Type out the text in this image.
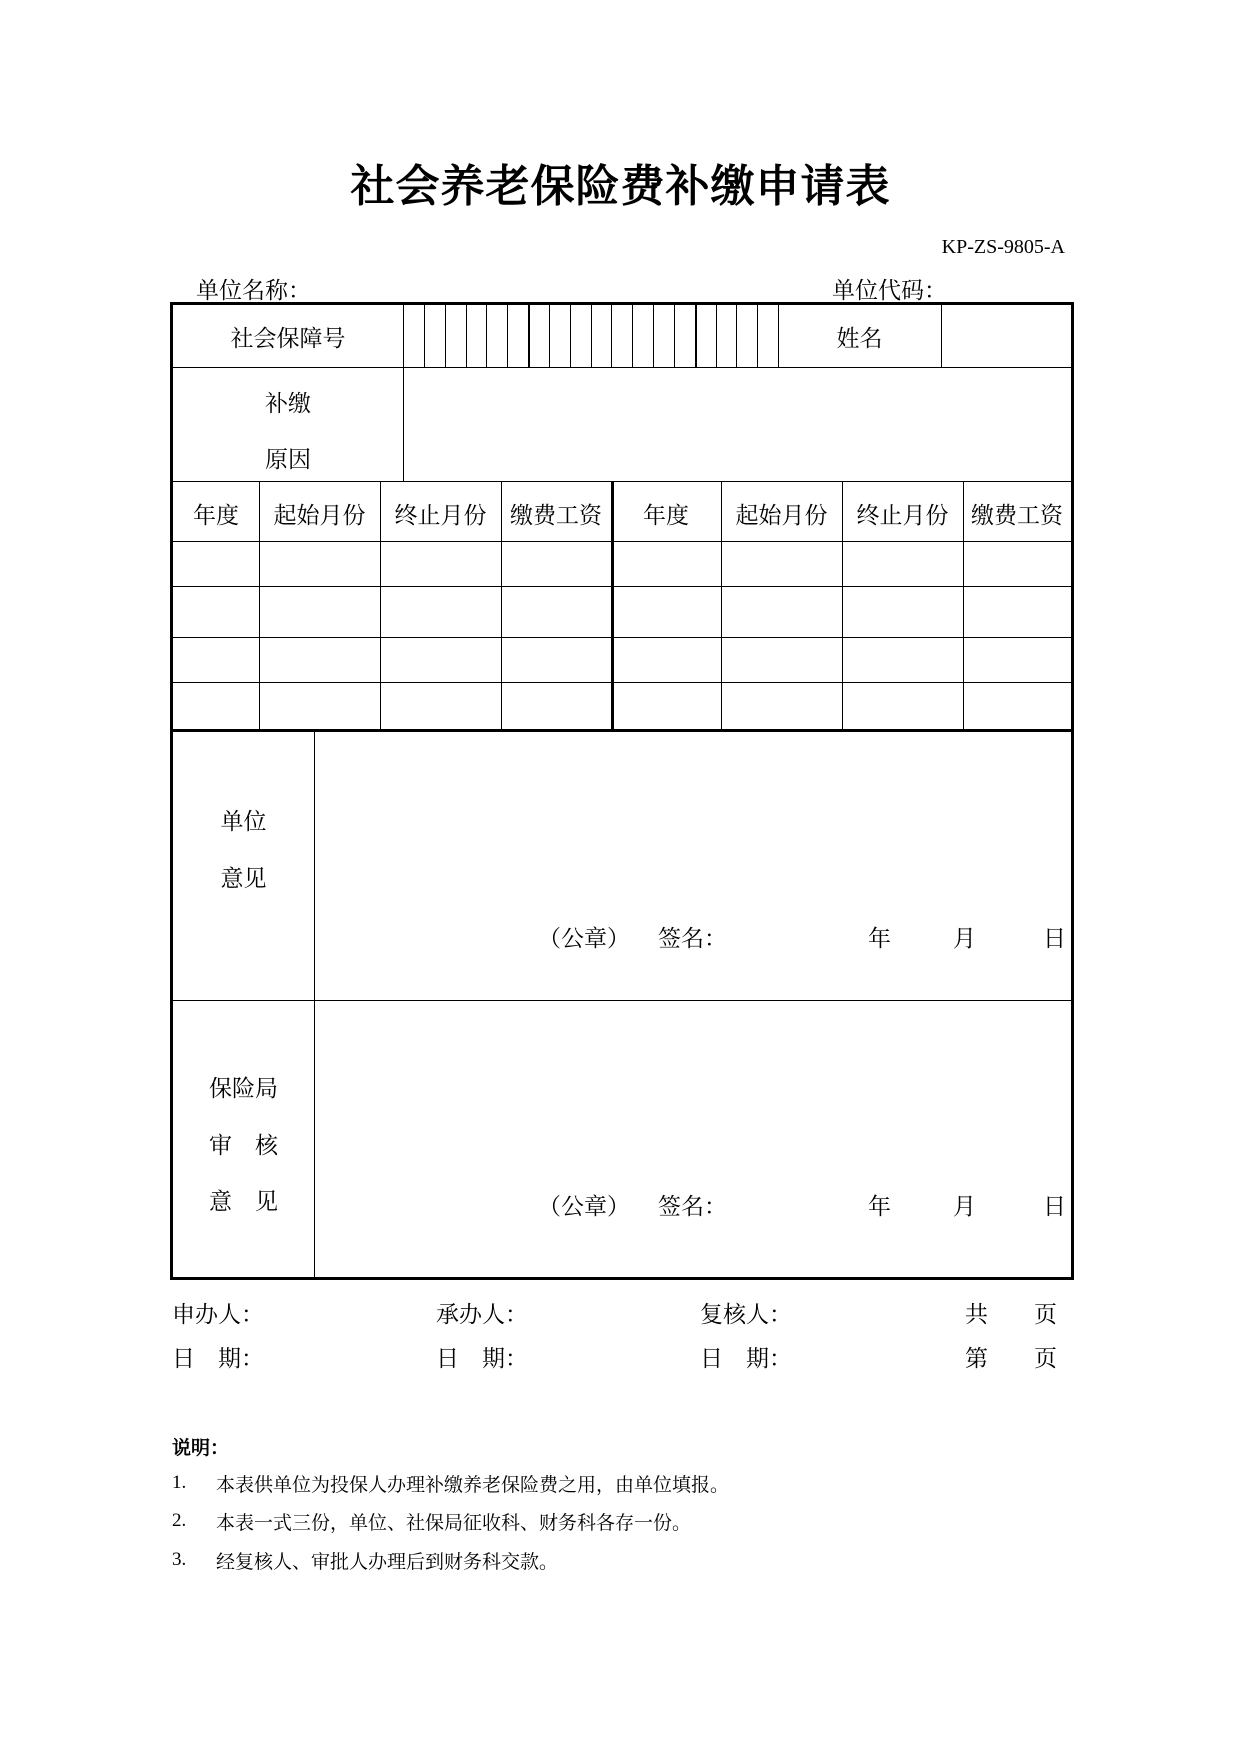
社会养老保险费补缴申请表
KP-ZS-9805-A
单位名称：	单位代码：
社会保障号	姓名
补缴
原因
年度	起始月份	终止月份	缴费工资	年度	起始月份	终止月份 缴费工资
单位
意见
（公章） 签名：	年	月	日
保险局
审　核
意　见	（公章） 签名：	年	月	日
申办人：	承办人：	复核人：	共　　页
日　期：	日　期：	日　期：	第　　页
说明：
1. 本表供单位为投保人办理补缴养老保险费之用，由单位填报。
2. 本表一式三份，单位、社保局征收科、财务科各存一份。
3. 经复核人、审批人办理后到财务科交款。
